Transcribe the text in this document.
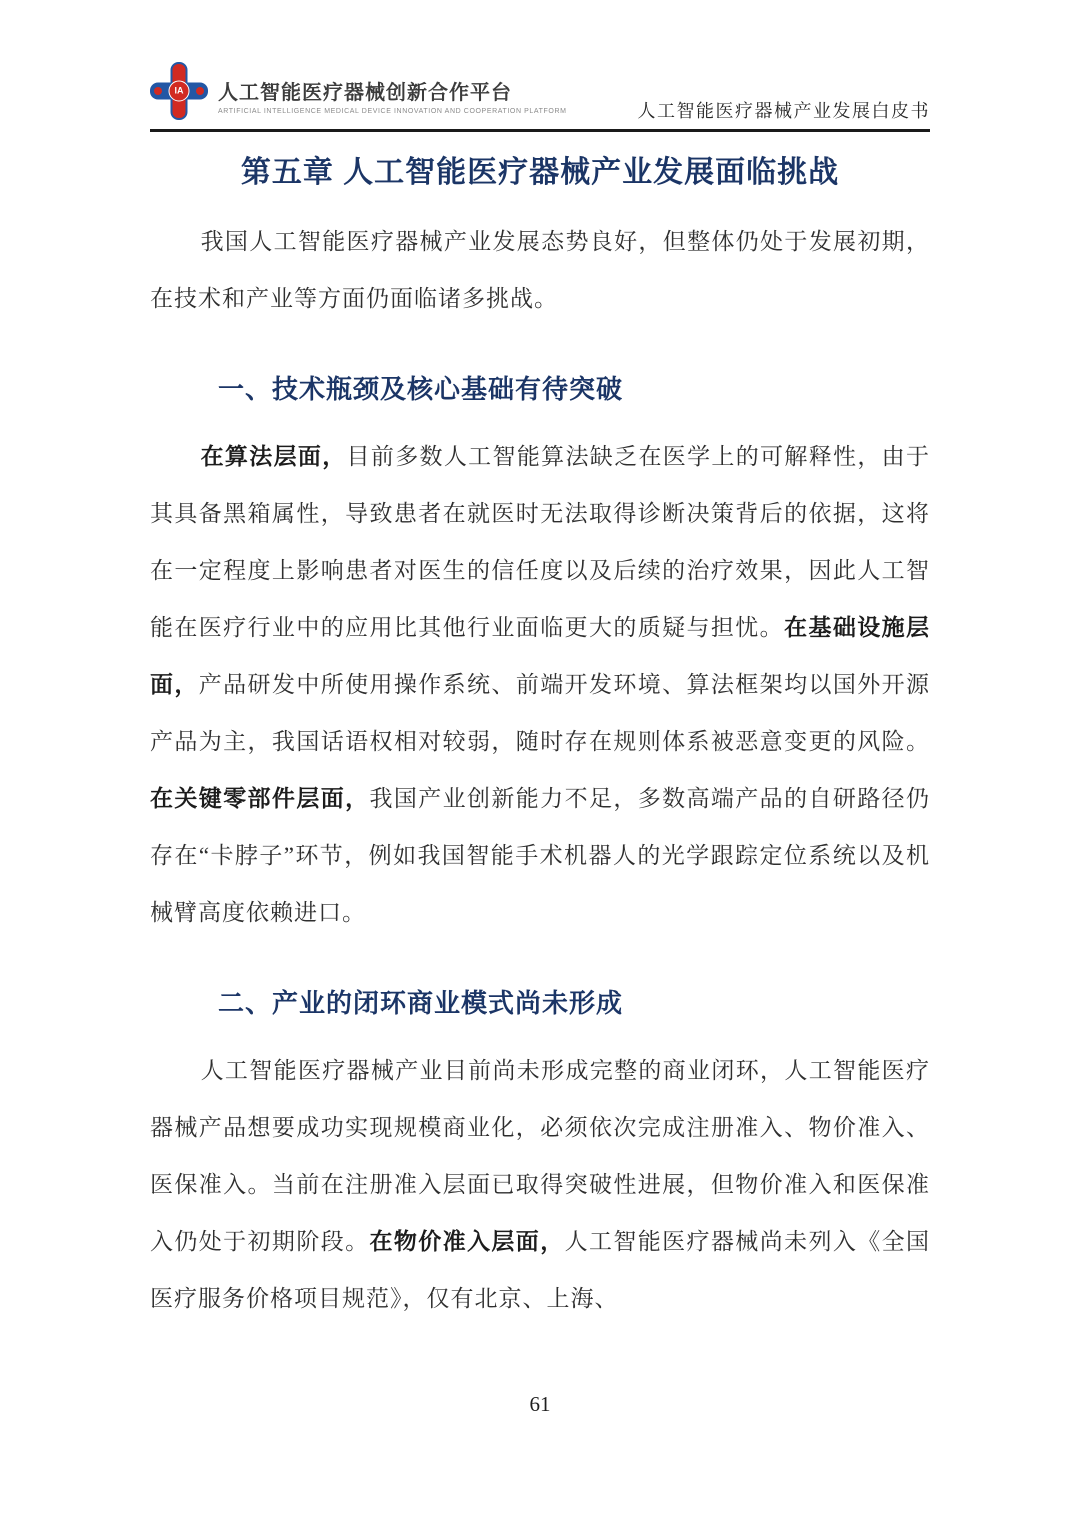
IA	人工智能医疗器械创新合作平台
ARTIFICIAL INTELLIGENCE MEDICAL DEVICE INNOVATION AND COOPERATION PLATFORM	人工智能医疗器械产业发展白皮书
第五章 人工智能医疗器械产业发展面临挑战

我国人工智能医疗器械产业发展态势良好，但整体仍处于发展初期，在技术和产业等方面仍面临诸多挑战。

一、技术瓶颈及核心基础有待突破

在算法层面，目前多数人工智能算法缺乏在医学上的可解释性，由于其具备黑箱属性，导致患者在就医时无法取得诊断决策背后的依据，这将在一定程度上影响患者对医生的信任度以及后续的治疗效果，因此人工智能在医疗行业中的应用比其他行业面临更大的质疑与担忧。在基础设施层面，产品研发中所使用操作系统、前端开发环境、算法框架均以国外开源产品为主，我国话语权相对较弱，随时存在规则体系被恶意变更的风险。在关键零部件层面，我国产业创新能力不足，多数高端产品的自研路径仍存在“卡脖子”环节，例如我国智能手术机器人的光学跟踪定位系统以及机械臂高度依赖进口。

二、产业的闭环商业模式尚未形成

人工智能医疗器械产业目前尚未形成完整的商业闭环，人工智能医疗器械产品想要成功实现规模商业化，必须依次完成注册准入、物价准入、医保准入。当前在注册准入层面已取得突破性进展，但物价准入和医保准入仍处于初期阶段。在物价准入层面，人工智能医疗器械尚未列入《全国医疗服务价格项目规范》，仅有北京、上海、

61
